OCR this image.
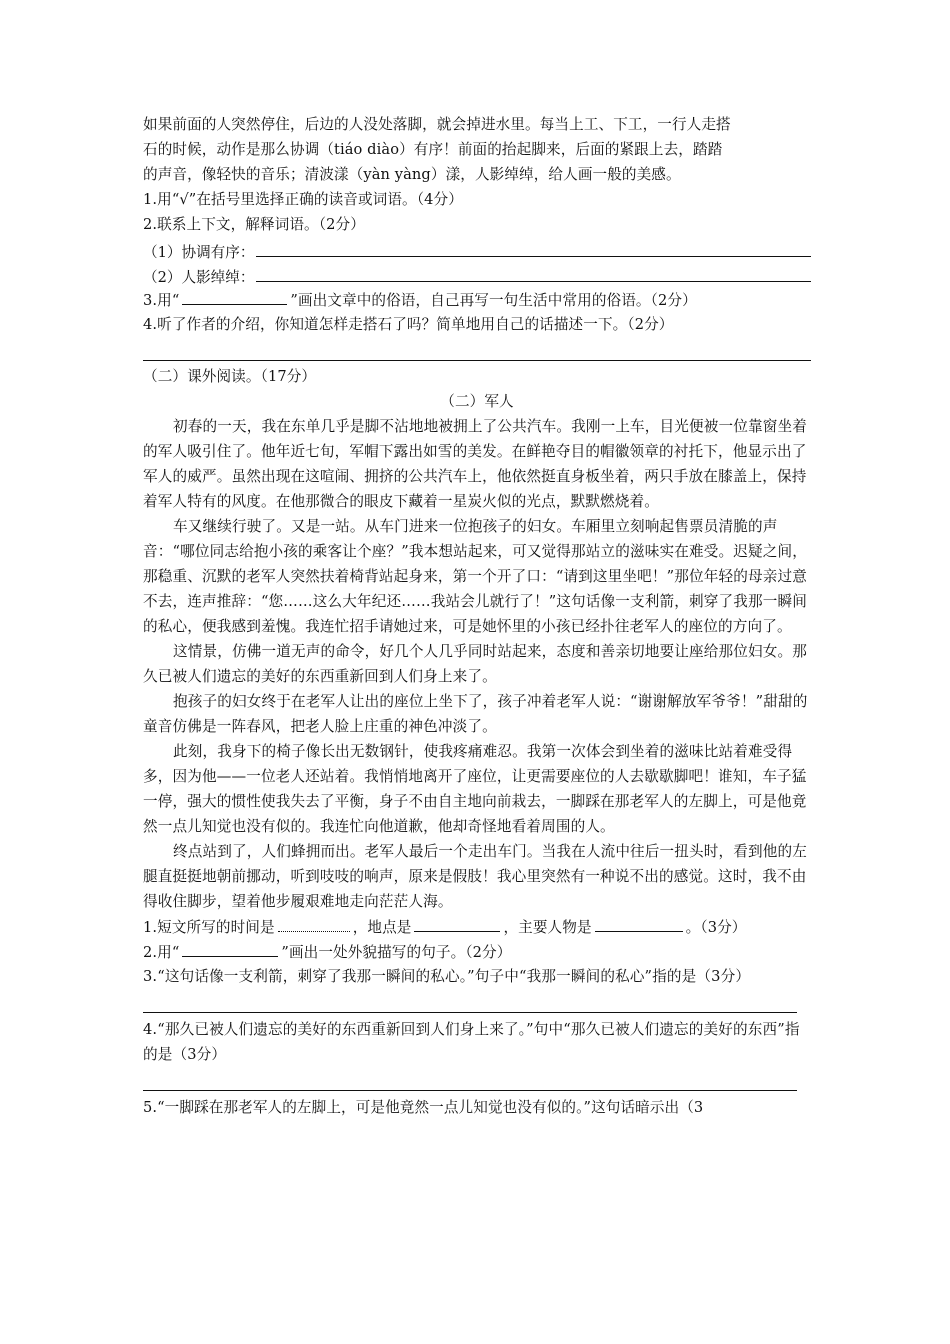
如果前面的人突然停住，后边的人没处落脚，就会掉进水里。每当上工、下工，一行人走搭
石的时候，动作是那么协调（tiáo diào）有序！前面的抬起脚来，后面的紧跟上去，踏踏
的声音，像轻快的音乐；清波漾（yàn yàng）漾，人影绰绰，给人画一般的美感。
1.用“√”在括号里选择正确的读音或词语。（4分）
2.联系上下文，解释词语。（2分）
（1）协调有序：
（2）人影绰绰：
3.用“	”画出文章中的俗语，自己再写一句生活中常用的俗语。（2分）
4.听了作者的介绍，你知道怎样走搭石了吗？简单地用自己的话描述一下。（2分）
（二）课外阅读。（17分）
（二）军人
初春的一天，我在东单几乎是脚不沾地地被拥上了公共汽车。我刚一上车，目光便被一位靠窗坐着的军人吸引住了。他年近七旬，军帽下露出如雪的美发。在鲜艳夺目的帽徽领章的衬托下，他显示出了军人的威严。虽然出现在这喧闹、拥挤的公共汽车上，他依然挺直身板坐着，两只手放在膝盖上，保持着军人特有的风度。在他那微合的眼皮下藏着一星炭火似的光点，默默燃烧着。
车又继续行驶了。又是一站。从车门进来一位抱孩子的妇女。车厢里立刻响起售票员清脆的声音：“哪位同志给抱小孩的乘客让个座？”我本想站起来，可又觉得那站立的滋味实在难受。迟疑之间，那稳重、沉默的老军人突然扶着椅背站起身来，第一个开了口：“请到这里坐吧！”那位年轻的母亲过意不去，连声推辞：“您……这么大年纪还……我站会儿就行了！”这句话像一支利箭，刺穿了我那一瞬间的私心，便我感到羞愧。我连忙招手请她过来，可是她怀里的小孩已经扑往老军人的座位的方向了。
这情景，仿佛一道无声的命令，好几个人几乎同时站起来，态度和善亲切地要让座给那位妇女。那久已被人们遗忘的美好的东西重新回到人们身上来了。
抱孩子的妇女终于在老军人让出的座位上坐下了，孩子冲着老军人说：“谢谢解放军爷爷！”甜甜的童音仿佛是一阵春风，把老人脸上庄重的神色冲淡了。
此刻，我身下的椅子像长出无数钢针，使我疼痛难忍。我第一次体会到坐着的滋味比站着难受得多，因为他——一位老人还站着。我悄悄地离开了座位，让更需要座位的人去歇歇脚吧！谁知，车子猛一停，强大的惯性使我失去了平衡，身子不由自主地向前栽去，一脚踩在那老军人的左脚上，可是他竟然一点儿知觉也没有似的。我连忙向他道歉，他却奇怪地看着周围的人。
终点站到了，人们蜂拥而出。老军人最后一个走出车门。当我在人流中往后一扭头时，看到他的左腿直挺挺地朝前挪动，听到吱吱的响声，原来是假肢！我心里突然有一种说不出的感觉。这时，我不由得收住脚步，望着他步履艰难地走向茫茫人海。
1.短文所写的时间是	，地点是	，主要人物是	。（3分）
2.用“	”画出一处外貌描写的句子。（2分）
3.“这句话像一支利箭，刺穿了我那一瞬间的私心。”句子中“我那一瞬间的私心”指的是（3分）
4.“那久已被人们遗忘的美好的东西重新回到人们身上来了。”句中“那久已被人们遗忘的美好的东西”指的是（3分）
5.“一脚踩在那老军人的左脚上，可是他竟然一点儿知觉也没有似的。”这句话暗示出（3
